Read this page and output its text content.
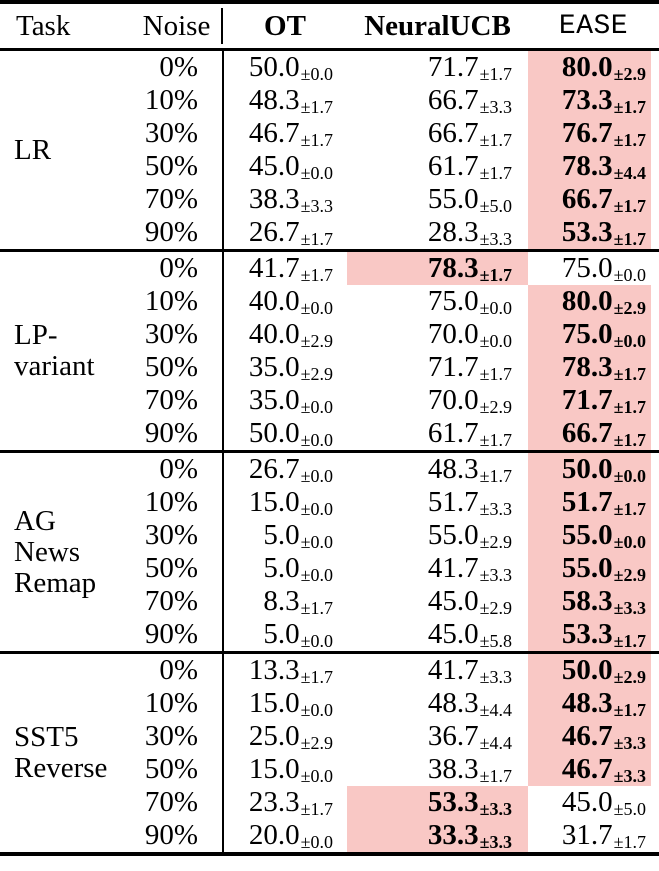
Task	Noise	OT	NeuralUCB	EASE

LR	0%	50.0±0.0	71.7±1.7	80.0±2.9

	10%	48.3±1.7	66.7±3.3	73.3±1.7

	30%	46.7±1.7	66.7±1.7	76.7±1.7

	50%	45.0±0.0	61.7±1.7	78.3±4.4

	70%	38.3±3.3	55.0±5.0	66.7±1.7

	90%	26.7±1.7	28.3±3.3	53.3±1.7

LP-
variant	0%	41.7±1.7	78.3±1.7	75.0±0.0

	10%	40.0±0.0	75.0±0.0	80.0±2.9

	30%	40.0±2.9	70.0±0.0	75.0±0.0

	50%	35.0±2.9	71.7±1.7	78.3±1.7

	70%	35.0±0.0	70.0±2.9	71.7±1.7

	90%	50.0±0.0	61.7±1.7	66.7±1.7

AG
News
Remap	0%	26.7±0.0	48.3±1.7	50.0±0.0

	10%	15.0±0.0	51.7±3.3	51.7±1.7

	30%	5.0±0.0	55.0±2.9	55.0±0.0

	50%	5.0±0.0	41.7±3.3	55.0±2.9

	70%	8.3±1.7	45.0±2.9	58.3±3.3

	90%	5.0±0.0	45.0±5.8	53.3±1.7

SST5
Reverse	0%	13.3±1.7	41.7±3.3	50.0±2.9

	10%	15.0±0.0	48.3±4.4	48.3±1.7

	30%	25.0±2.9	36.7±4.4	46.7±3.3

	50%	15.0±0.0	38.3±1.7	46.7±3.3

	70%	23.3±1.7	53.3±3.3	45.0±5.0

	90%	20.0±0.0	33.3±3.3	31.7±1.7
